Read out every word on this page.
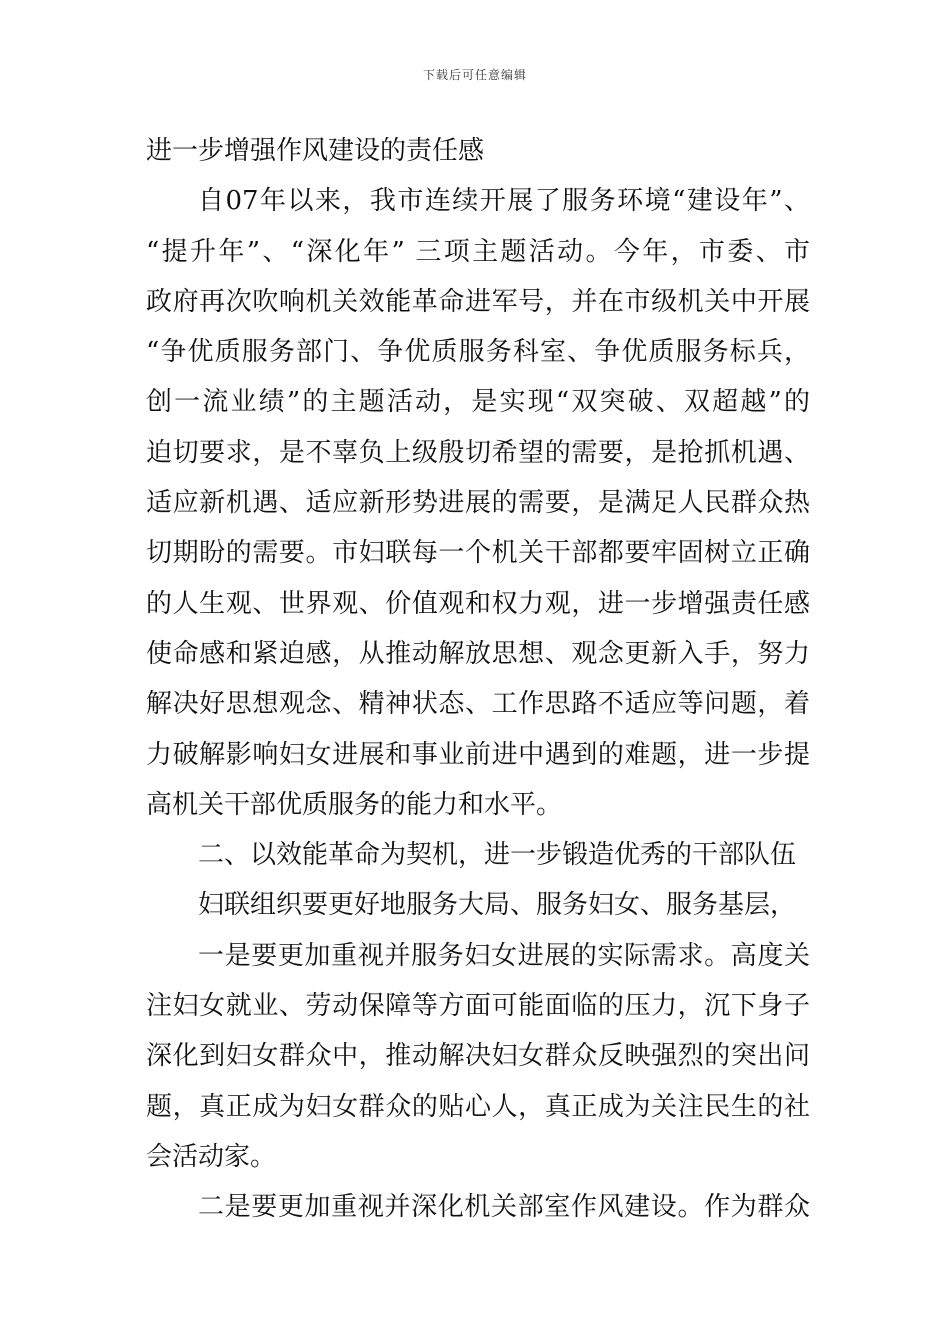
下载后可任意编辑
进一步增强作风建设的责任感
自07年以来，我市连续开展了服务环境“建设年”、
“提升年”、“深化年” 三项主题活动。今年，市委、市
政府再次吹响机关效能革命进军号，并在市级机关中开展
“争优质服务部门、争优质服务科室、争优质服务标兵，
创一流业绩”的主题活动，是实现“双突破、双超越”的
迫切要求，是不辜负上级殷切希望的需要，是抢抓机遇、
适应新机遇、适应新形势进展的需要，是满足人民群众热
切期盼的需要。市妇联每一个机关干部都要牢固树立正确
的人生观、世界观、价值观和权力观，进一步增强责任感
使命感和紧迫感，从推动解放思想、观念更新入手，努力
解决好思想观念、精神状态、工作思路不适应等问题，着
力破解影响妇女进展和事业前进中遇到的难题，进一步提
高机关干部优质服务的能力和水平。
二、以效能革命为契机，进一步锻造优秀的干部队伍
妇联组织要更好地服务大局、服务妇女、服务基层，
一是要更加重视并服务妇女进展的实际需求。高度关
注妇女就业、劳动保障等方面可能面临的压力，沉下身子
深化到妇女群众中，推动解决妇女群众反映强烈的突出问
题，真正成为妇女群众的贴心人，真正成为关注民生的社
会活动家。
二是要更加重视并深化机关部室作风建设。作为群众
